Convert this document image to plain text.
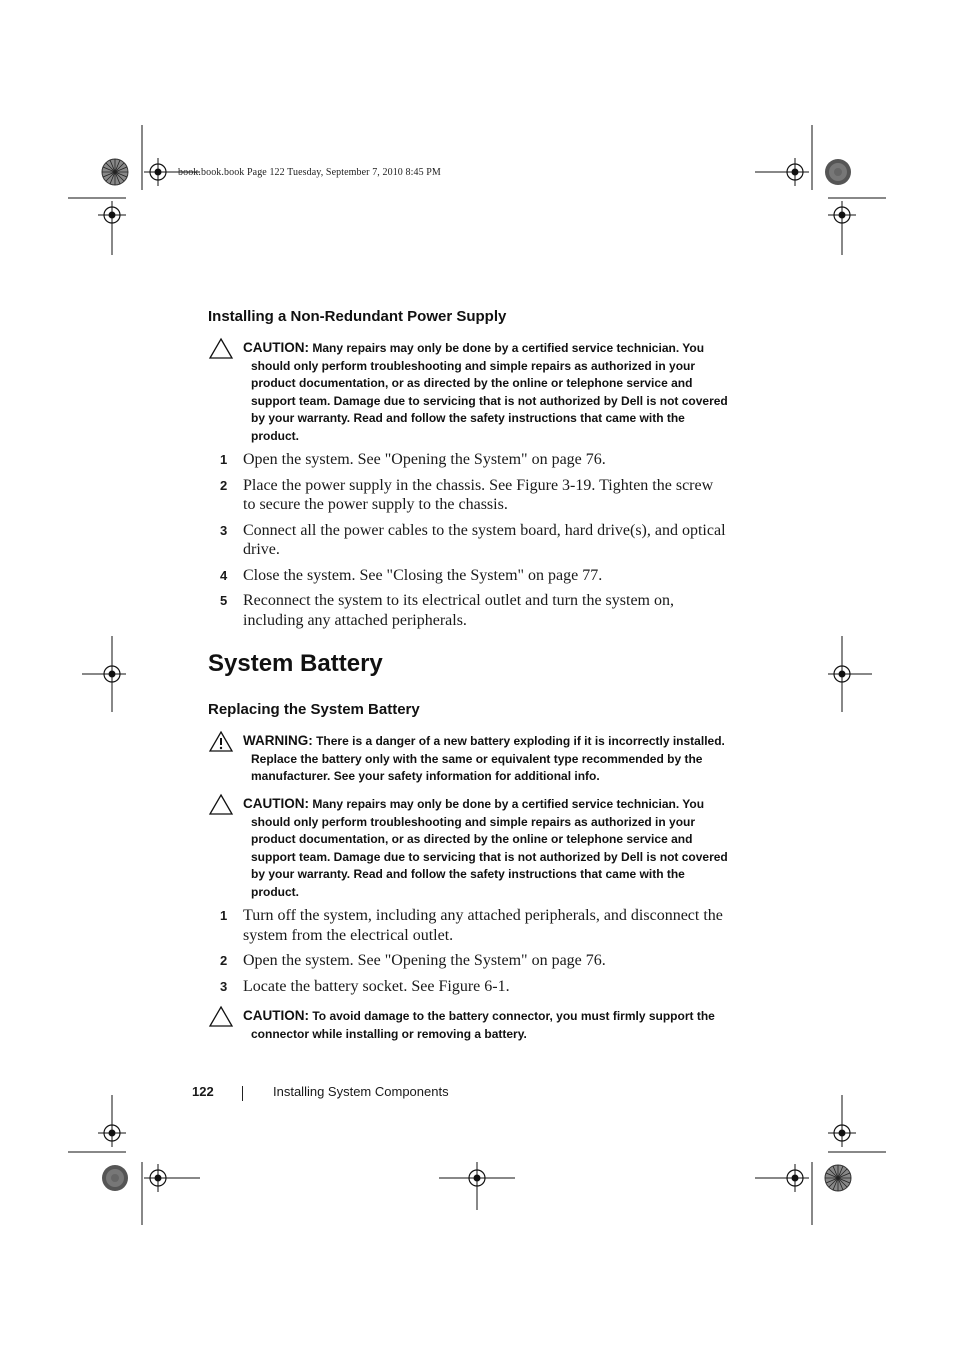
book.book.book Page 122 Tuesday, September 7, 2010 8:45 PM
Installing a Non-Redundant Power Supply
CAUTION: Many repairs may only be done by a certified service technician. You should only perform troubleshooting and simple repairs as authorized in your product documentation, or as directed by the online or telephone service and support team. Damage due to servicing that is not authorized by Dell is not covered by your warranty. Read and follow the safety instructions that came with the product.
1 Open the system. See "Opening the System" on page 76.
2 Place the power supply in the chassis. See Figure 3-19. Tighten the screw to secure the power supply to the chassis.
3 Connect all the power cables to the system board, hard drive(s), and optical drive.
4 Close the system. See "Closing the System" on page 77.
5 Reconnect the system to its electrical outlet and turn the system on, including any attached peripherals.
System Battery
Replacing the System Battery
WARNING: There is a danger of a new battery exploding if it is incorrectly installed. Replace the battery only with the same or equivalent type recommended by the manufacturer. See your safety information for additional info.
CAUTION: Many repairs may only be done by a certified service technician. You should only perform troubleshooting and simple repairs as authorized in your product documentation, or as directed by the online or telephone service and support team. Damage due to servicing that is not authorized by Dell is not covered by your warranty. Read and follow the safety instructions that came with the product.
1 Turn off the system, including any attached peripherals, and disconnect the system from the electrical outlet.
2 Open the system. See "Opening the System" on page 76.
3 Locate the battery socket. See Figure 6-1.
CAUTION: To avoid damage to the battery connector, you must firmly support the connector while installing or removing a battery.
122	Installing System Components
